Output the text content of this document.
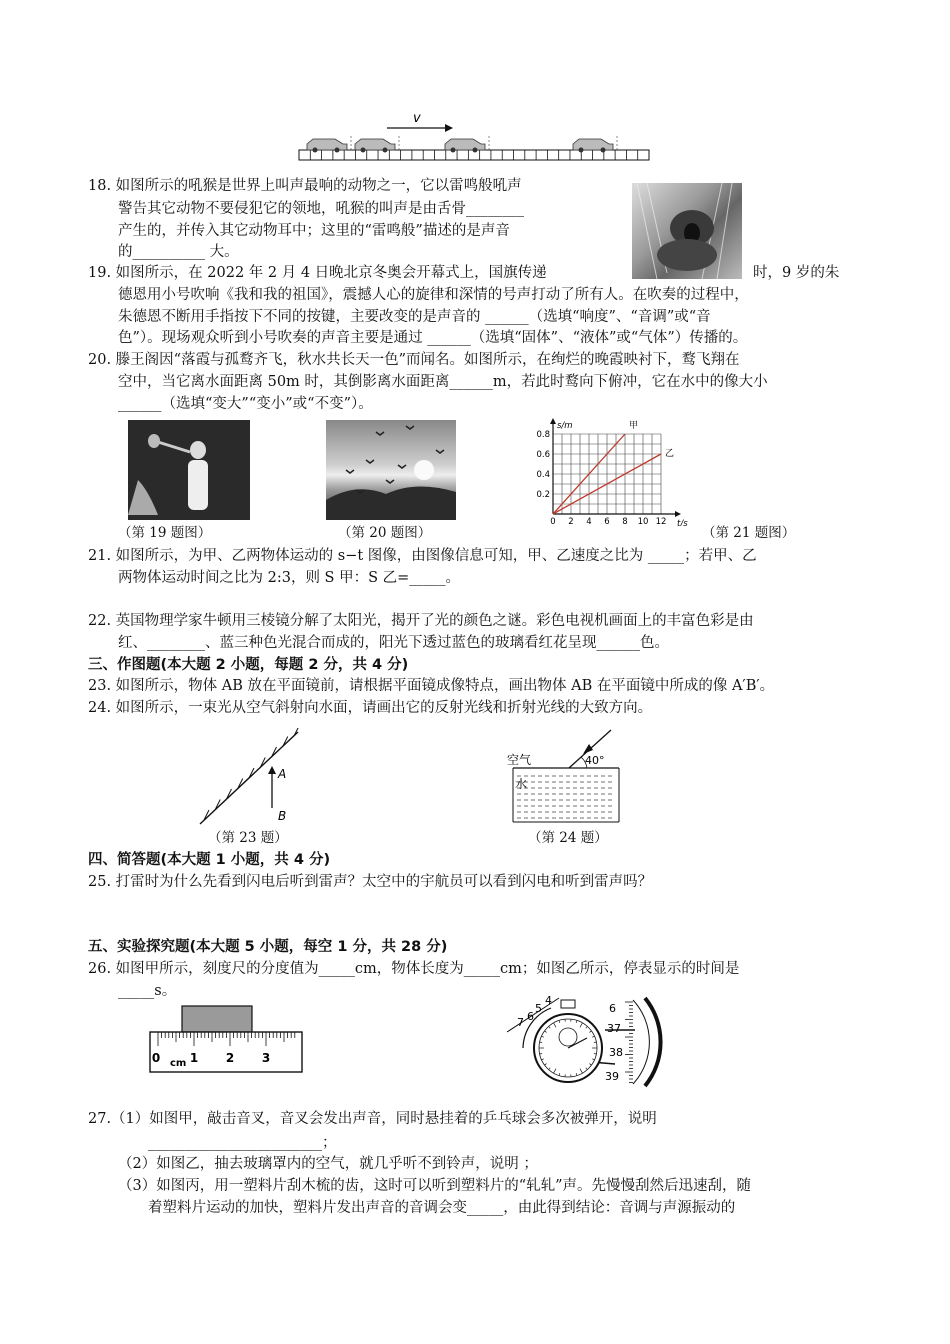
v
18. 如图所示的吼猴是世界上叫声最响的动物之一，它以雷鸣般吼声
警告其它动物不要侵犯它的领地，吼猴的叫声是由舌骨________
产生的，并传入其它动物耳中；这里的“雷鸣般”描述的是声音
的__________ 大。
19. 如图所示，在 2022 年 2 月 4 日晚北京冬奥会开幕式上，国旗传递	时，9 岁的朱
德恩用小号吹响《我和我的祖国》，震撼人心的旋律和深情的号声打动了所有人。在吹奏的过程中，
朱德恩不断用手指按下不同的按键，主要改变的是声音的 ______（选填“响度”、“音调”或“音
色”）。现场观众听到小号吹奏的声音主要是通过 ______（选填“固体”、“液体”或“气体”）传播的。
20. 滕王阁因“落霞与孤鹜齐飞，秋水共长天一色”而闻名。如图所示，在绚烂的晚霞映衬下，鹜飞翔在
空中，当它离水面距离 50m 时，其倒影离水面距离______m，若此时鹜向下俯冲，它在水中的像大小
______（选填“变大”“变小”或“不变”）。
0 2 4 6 8 10 12
0.2
0.4
0.6
0.8
t/s
s/m	甲
乙
（第 19 题图）	（第 20 题图）	（第 21 题图）
21. 如图所示，为甲、乙两物体运动的 s−t 图像，由图像信息可知，甲、乙速度之比为 _____；若甲、乙
两物体运动时间之比为 2:3，则 S 甲：S 乙=_____。
22. 英国物理学家牛顿用三棱镜分解了太阳光，揭开了光的颜色之谜。彩色电视机画面上的丰富色彩是由
红、________、蓝三种色光混合而成的，阳光下透过蓝色的玻璃看红花呈现______色。
三、作图题(本大题 2 小题，每题 2 分，共 4 分)
23. 如图所示，物体 AB 放在平面镜前，请根据平面镜成像特点，画出物体 AB 在平面镜中所成的像 A′B′。
24. 如图所示，一束光从空气斜射向水面，请画出它的反射光线和折射光线的大致方向。
A
B
（第 23 题）
空气
水
40°
（第 24 题）
四、简答题(本大题 1 小题，共 4 分)
25. 打雷时为什么先看到闪电后听到雷声？太空中的宇航员可以看到闪电和听到雷声吗？
五、实验探究题(本大题 5 小题，每空 1 分，共 28 分)
26. 如图甲所示，刻度尺的分度值为_____cm，物体长度为_____cm；如图乙所示，停表显示的时间是
_____s。
0 1 2 3
cm
4
5
6
7
6
37
38
39
27.（1）如图甲，敲击音叉，音叉会发出声音，同时悬挂着的乒乓球会多次被弹开，说明
________________________；
（2）如图乙，抽去玻璃罩内的空气，就几乎听不到铃声，说明 ；
（3）如图丙，用一塑料片刮木梳的齿，这时可以听到塑料片的“轧轧”声。先慢慢刮然后迅速刮，随
着塑料片运动的加快，塑料片发出声音的音调会变_____，由此得到结论：音调与声源振动的
